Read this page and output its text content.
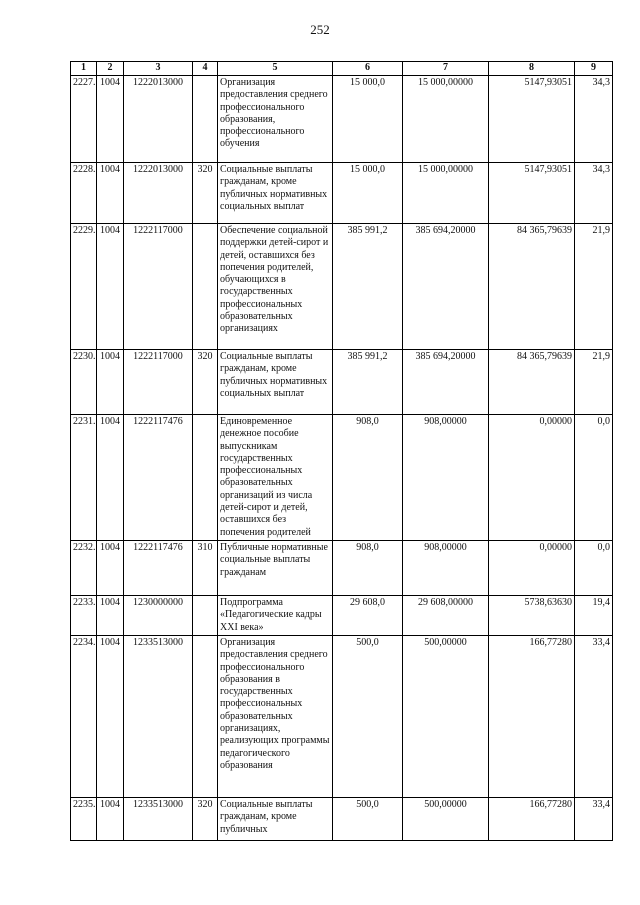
252
1	2	3	4	5	6	7	8	9
2227.	1004	1222013000		Организация предоставления среднего профессионального образования, профессионального обучения	15 000,0	15 000,00000	5147,93051	34,3
2228.	1004	1222013000	320	Социальные выплаты гражданам, кроме публичных нормативных социальных выплат	15 000,0	15 000,00000	5147,93051	34,3
2229.	1004	1222117000		Обеспечение социальной поддержки детей-сирот и детей, оставшихся без попечения родителей, обучающихся в государственных профессиональных образовательных организациях	385 991,2	385 694,20000	84 365,79639	21,9
2230.	1004	1222117000	320	Социальные выплаты гражданам, кроме публичных нормативных социальных выплат	385 991,2	385 694,20000	84 365,79639	21,9
2231.	1004	1222117476		Единовременное денежное пособие выпускникам государственных профессиональных образовательных организаций из числа детей-сирот и детей, оставшихся без попечения родителей	908,0	908,00000	0,00000	0,0
2232.	1004	1222117476	310	Публичные нормативные социальные выплаты гражданам	908,0	908,00000	0,00000	0,0
2233.	1004	1230000000		Подпрограмма «Педагогические кадры XXI века»	29 608,0	29 608,00000	5738,63630	19,4
2234.	1004	1233513000		Организация предоставления среднего профессионального образования в государственных профессиональных образовательных организациях, реализующих программы педагогического образования	500,0	500,00000	166,77280	33,4
2235.	1004	1233513000	320	Социальные выплаты гражданам, кроме публичных	500,0	500,00000	166,77280	33,4
